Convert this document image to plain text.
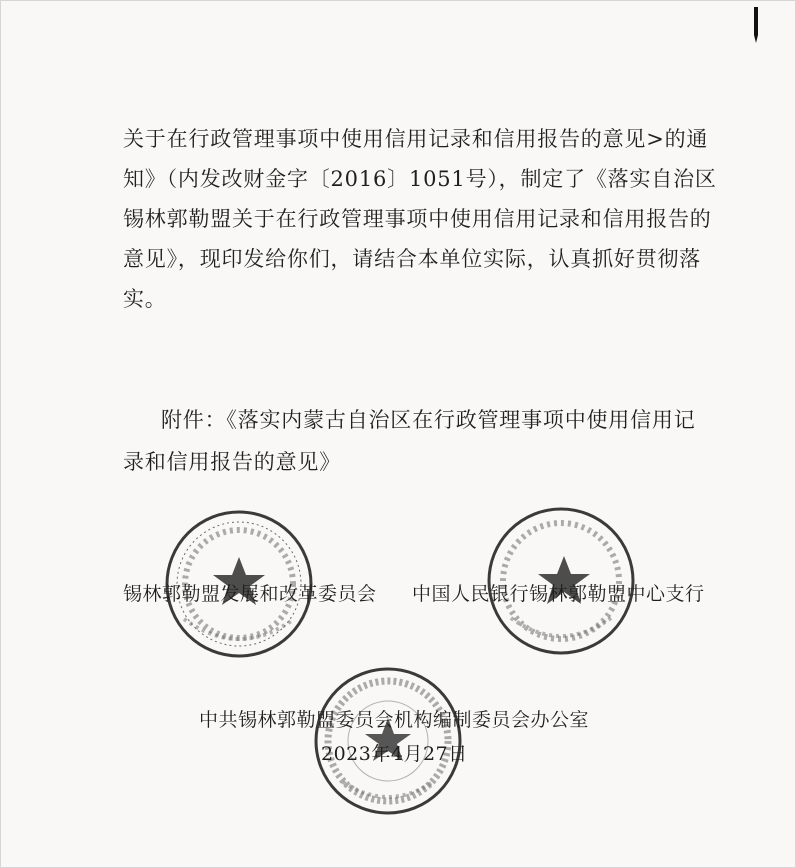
关于在行政管理事项中使用信用记录和信用报告的意见>的通
知》（内发改财金字〔2016〕1051号），制定了《落实自治区
锡林郭勒盟关于在行政管理事项中使用信用记录和信用报告的
意见》，现印发给你们，请结合本单位实际，认真抓好贯彻落
实。
附件：《落实内蒙古自治区在行政管理事项中使用信用记
录和信用报告的意见》
锡林郭勒盟发展和改革委员会 中国人民银行锡林郭勒盟中心支行
中共锡林郭勒盟委员会机构编制委员会办公室
2023年4月27日
